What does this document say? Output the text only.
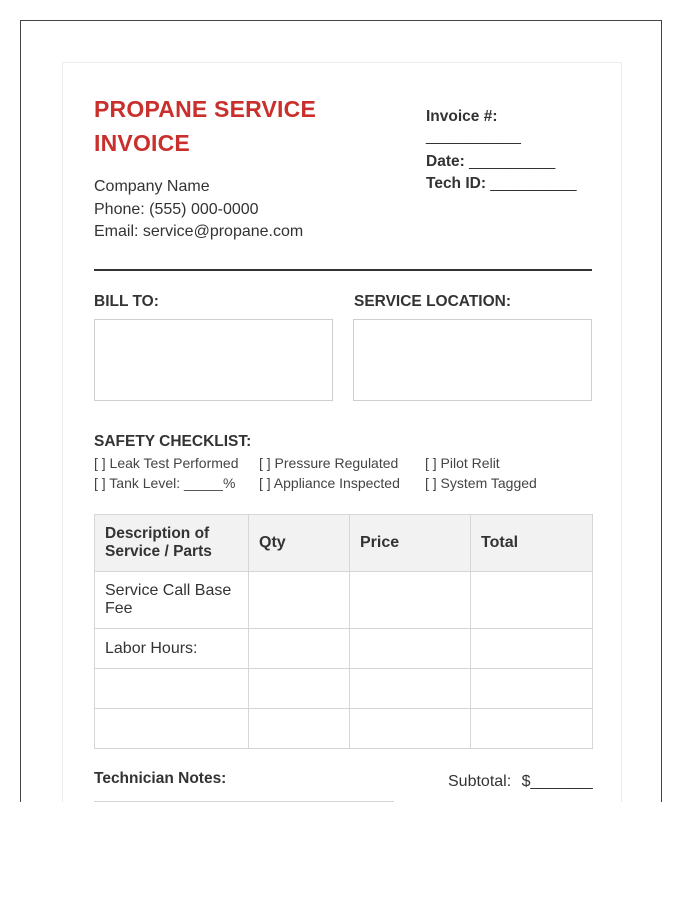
PROPANE SERVICE INVOICE
Company Name
Phone: (555) 000-0000
Email: service@propane.com
Invoice #:
___________
Date: __________
Tech ID: __________
BILL TO:	SERVICE LOCATION:
SAFETY CHECKLIST:
[ ] Leak Test Performed [ ] Pressure Regulated [ ] Pilot Relit
[ ] Tank Level: _____% [ ] Appliance Inspected [ ] System Tagged
Description of Service / Parts	Qty	Price	Total
Service Call Base Fee			
Labor Hours:			

Technician Notes:	Subtotal: $_______
